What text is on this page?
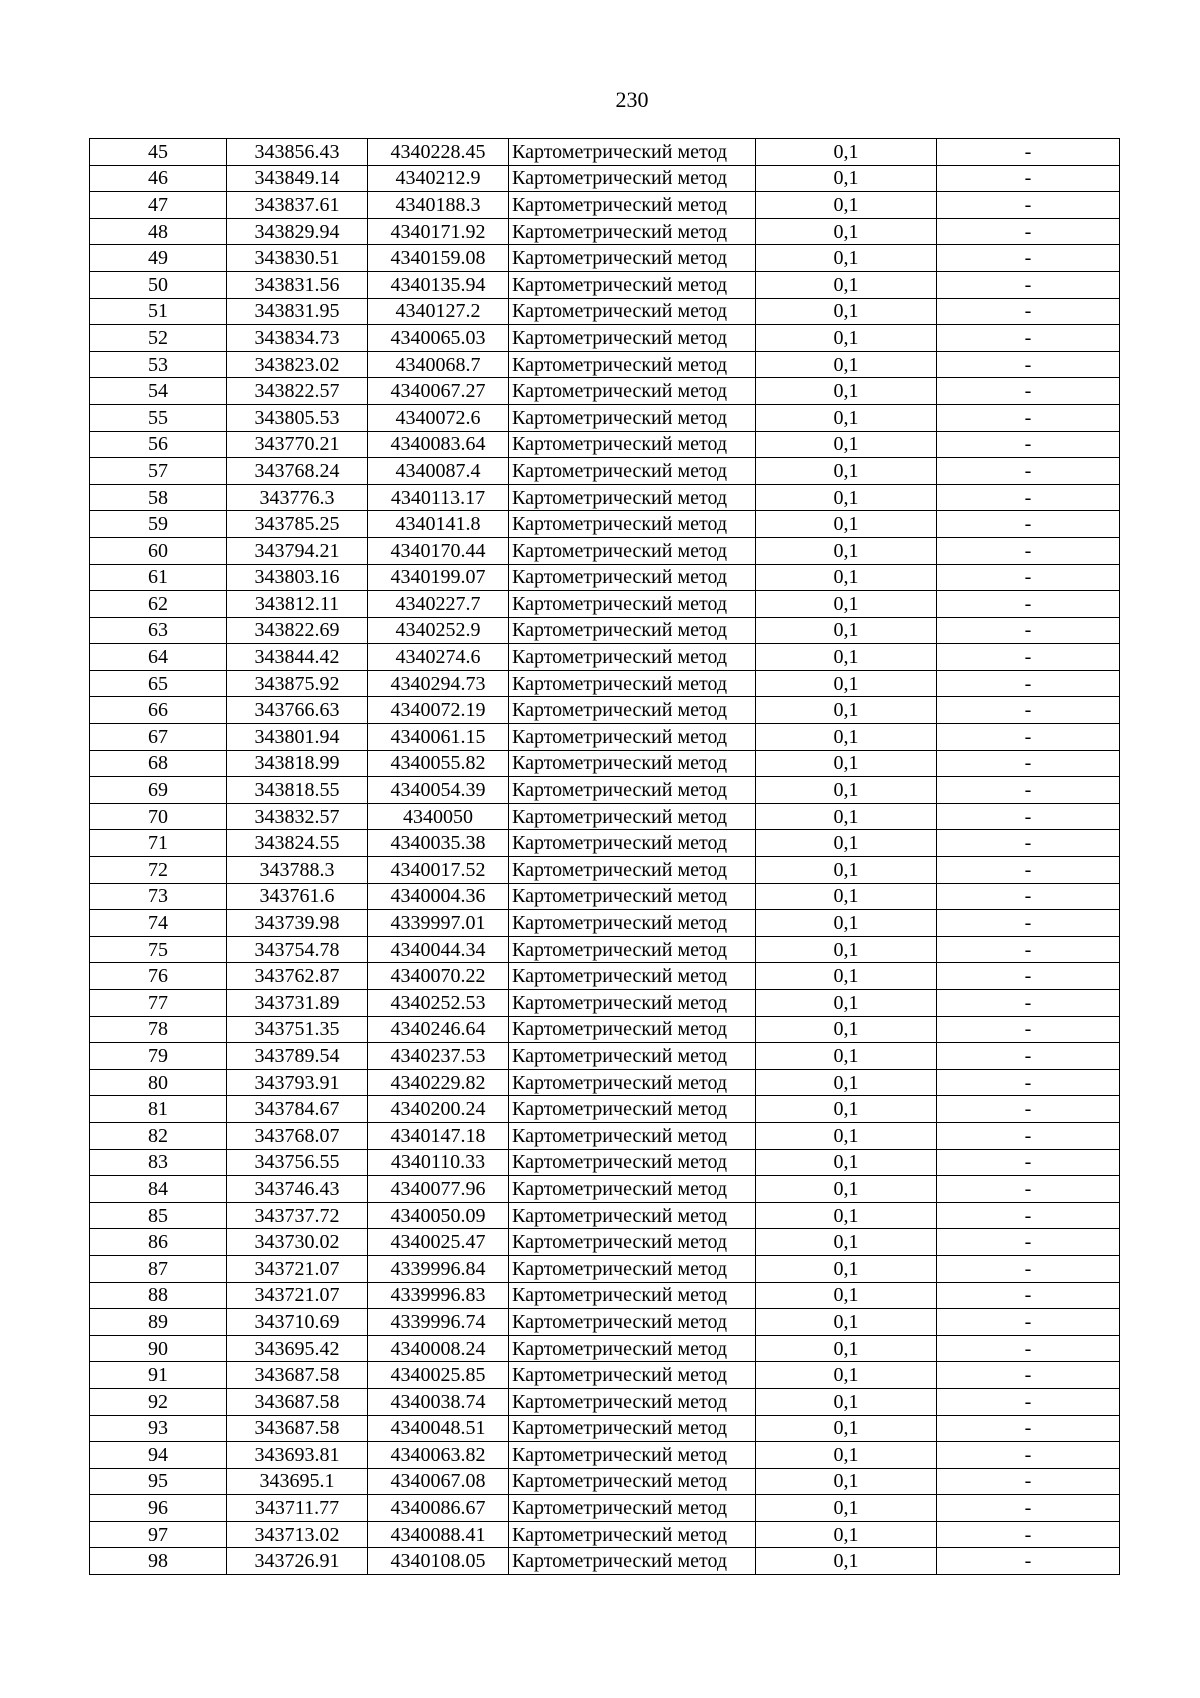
230
45	343856.43	4340228.45	Картометрический метод	0,1	-
46	343849.14	4340212.9	Картометрический метод	0,1	-
47	343837.61	4340188.3	Картометрический метод	0,1	-
48	343829.94	4340171.92	Картометрический метод	0,1	-
49	343830.51	4340159.08	Картометрический метод	0,1	-
50	343831.56	4340135.94	Картометрический метод	0,1	-
51	343831.95	4340127.2	Картометрический метод	0,1	-
52	343834.73	4340065.03	Картометрический метод	0,1	-
53	343823.02	4340068.7	Картометрический метод	0,1	-
54	343822.57	4340067.27	Картометрический метод	0,1	-
55	343805.53	4340072.6	Картометрический метод	0,1	-
56	343770.21	4340083.64	Картометрический метод	0,1	-
57	343768.24	4340087.4	Картометрический метод	0,1	-
58	343776.3	4340113.17	Картометрический метод	0,1	-
59	343785.25	4340141.8	Картометрический метод	0,1	-
60	343794.21	4340170.44	Картометрический метод	0,1	-
61	343803.16	4340199.07	Картометрический метод	0,1	-
62	343812.11	4340227.7	Картометрический метод	0,1	-
63	343822.69	4340252.9	Картометрический метод	0,1	-
64	343844.42	4340274.6	Картометрический метод	0,1	-
65	343875.92	4340294.73	Картометрический метод	0,1	-
66	343766.63	4340072.19	Картометрический метод	0,1	-
67	343801.94	4340061.15	Картометрический метод	0,1	-
68	343818.99	4340055.82	Картометрический метод	0,1	-
69	343818.55	4340054.39	Картометрический метод	0,1	-
70	343832.57	4340050	Картометрический метод	0,1	-
71	343824.55	4340035.38	Картометрический метод	0,1	-
72	343788.3	4340017.52	Картометрический метод	0,1	-
73	343761.6	4340004.36	Картометрический метод	0,1	-
74	343739.98	4339997.01	Картометрический метод	0,1	-
75	343754.78	4340044.34	Картометрический метод	0,1	-
76	343762.87	4340070.22	Картометрический метод	0,1	-
77	343731.89	4340252.53	Картометрический метод	0,1	-
78	343751.35	4340246.64	Картометрический метод	0,1	-
79	343789.54	4340237.53	Картометрический метод	0,1	-
80	343793.91	4340229.82	Картометрический метод	0,1	-
81	343784.67	4340200.24	Картометрический метод	0,1	-
82	343768.07	4340147.18	Картометрический метод	0,1	-
83	343756.55	4340110.33	Картометрический метод	0,1	-
84	343746.43	4340077.96	Картометрический метод	0,1	-
85	343737.72	4340050.09	Картометрический метод	0,1	-
86	343730.02	4340025.47	Картометрический метод	0,1	-
87	343721.07	4339996.84	Картометрический метод	0,1	-
88	343721.07	4339996.83	Картометрический метод	0,1	-
89	343710.69	4339996.74	Картометрический метод	0,1	-
90	343695.42	4340008.24	Картометрический метод	0,1	-
91	343687.58	4340025.85	Картометрический метод	0,1	-
92	343687.58	4340038.74	Картометрический метод	0,1	-
93	343687.58	4340048.51	Картометрический метод	0,1	-
94	343693.81	4340063.82	Картометрический метод	0,1	-
95	343695.1	4340067.08	Картометрический метод	0,1	-
96	343711.77	4340086.67	Картометрический метод	0,1	-
97	343713.02	4340088.41	Картометрический метод	0,1	-
98	343726.91	4340108.05	Картометрический метод	0,1	-
